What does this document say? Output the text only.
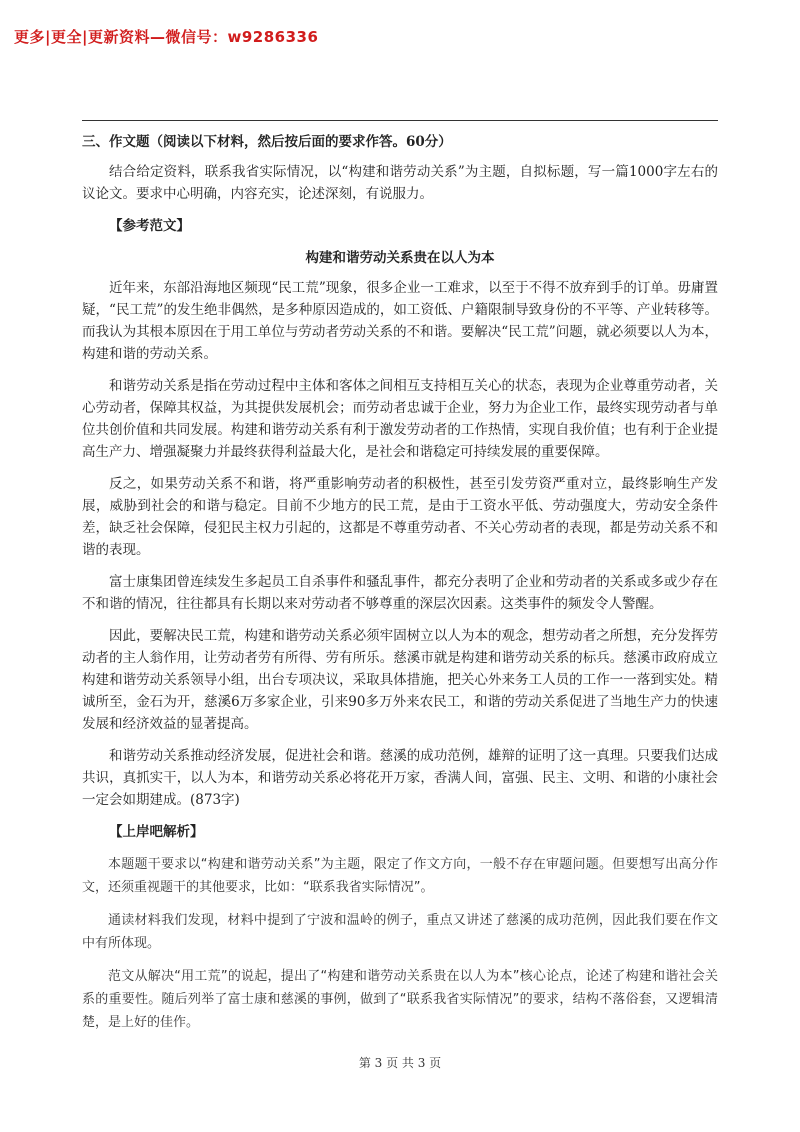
更多|更全|更新资料—微信号：w9286336
三、作文题（阅读以下材料，然后按后面的要求作答。60分）

结合给定资料，联系我省实际情况，以“构建和谐劳动关系”为主题，自拟标题，写一篇1000字左右的议论文。要求中心明确，内容充实，论述深刻，有说服力。

【参考范文】
构建和谐劳动关系贵在以人为本

近年来，东部沿海地区频现“民工荒”现象，很多企业一工难求，以至于不得不放弃到手的订单。毋庸置疑，“民工荒”的发生绝非偶然，是多种原因造成的，如工资低、户籍限制导致身份的不平等、产业转移等。而我认为其根本原因在于用工单位与劳动者劳动关系的不和谐。要解决“民工荒”问题，就必须要以人为本，构建和谐的劳动关系。

和谐劳动关系是指在劳动过程中主体和客体之间相互支持相互关心的状态，表现为企业尊重劳动者，关心劳动者，保障其权益，为其提供发展机会；而劳动者忠诚于企业，努力为企业工作，最终实现劳动者与单位共创价值和共同发展。构建和谐劳动关系有利于激发劳动者的工作热情，实现自我价值；也有利于企业提高生产力、增强凝聚力并最终获得利益最大化，是社会和谐稳定可持续发展的重要保障。

反之，如果劳动关系不和谐，将严重影响劳动者的积极性，甚至引发劳资严重对立，最终影响生产发展，威胁到社会的和谐与稳定。目前不少地方的民工荒，是由于工资水平低、劳动强度大，劳动安全条件差，缺乏社会保障，侵犯民主权力引起的，这都是不尊重劳动者、不关心劳动者的表现，都是劳动关系不和谐的表现。

富士康集团曾连续发生多起员工自杀事件和骚乱事件，都充分表明了企业和劳动者的关系或多或少存在不和谐的情况，往往都具有长期以来对劳动者不够尊重的深层次因素。这类事件的频发令人警醒。

因此，要解决民工荒，构建和谐劳动关系必须牢固树立以人为本的观念，想劳动者之所想，充分发挥劳动者的主人翁作用，让劳动者劳有所得、劳有所乐。慈溪市就是构建和谐劳动关系的标兵。慈溪市政府成立构建和谐劳动关系领导小组，出台专项决议，采取具体措施，把关心外来务工人员的工作一一落到实处。精诚所至，金石为开，慈溪6万多家企业，引来90多万外来农民工，和谐的劳动关系促进了当地生产力的快速发展和经济效益的显著提高。

和谐劳动关系推动经济发展，促进社会和谐。慈溪的成功范例，雄辩的证明了这一真理。只要我们达成共识，真抓实干，以人为本，和谐劳动关系必将花开万家，香满人间，富强、民主、文明、和谐的小康社会一定会如期建成。(873字)

【上岸吧解析】

本题题干要求以“构建和谐劳动关系”为主题，限定了作文方向，一般不存在审题问题。但要想写出高分作文，还须重视题干的其他要求，比如：“联系我省实际情况”。

通读材料我们发现，材料中提到了宁波和温岭的例子，重点又讲述了慈溪的成功范例，因此我们要在作文中有所体现。

范文从解决“用工荒”的说起，提出了“构建和谐劳动关系贵在以人为本”核心论点，论述了构建和谐社会关系的重要性。随后列举了富士康和慈溪的事例，做到了“联系我省实际情况”的要求，结构不落俗套，又逻辑清楚，是上好的佳作。

第 3 页 共 3 页
